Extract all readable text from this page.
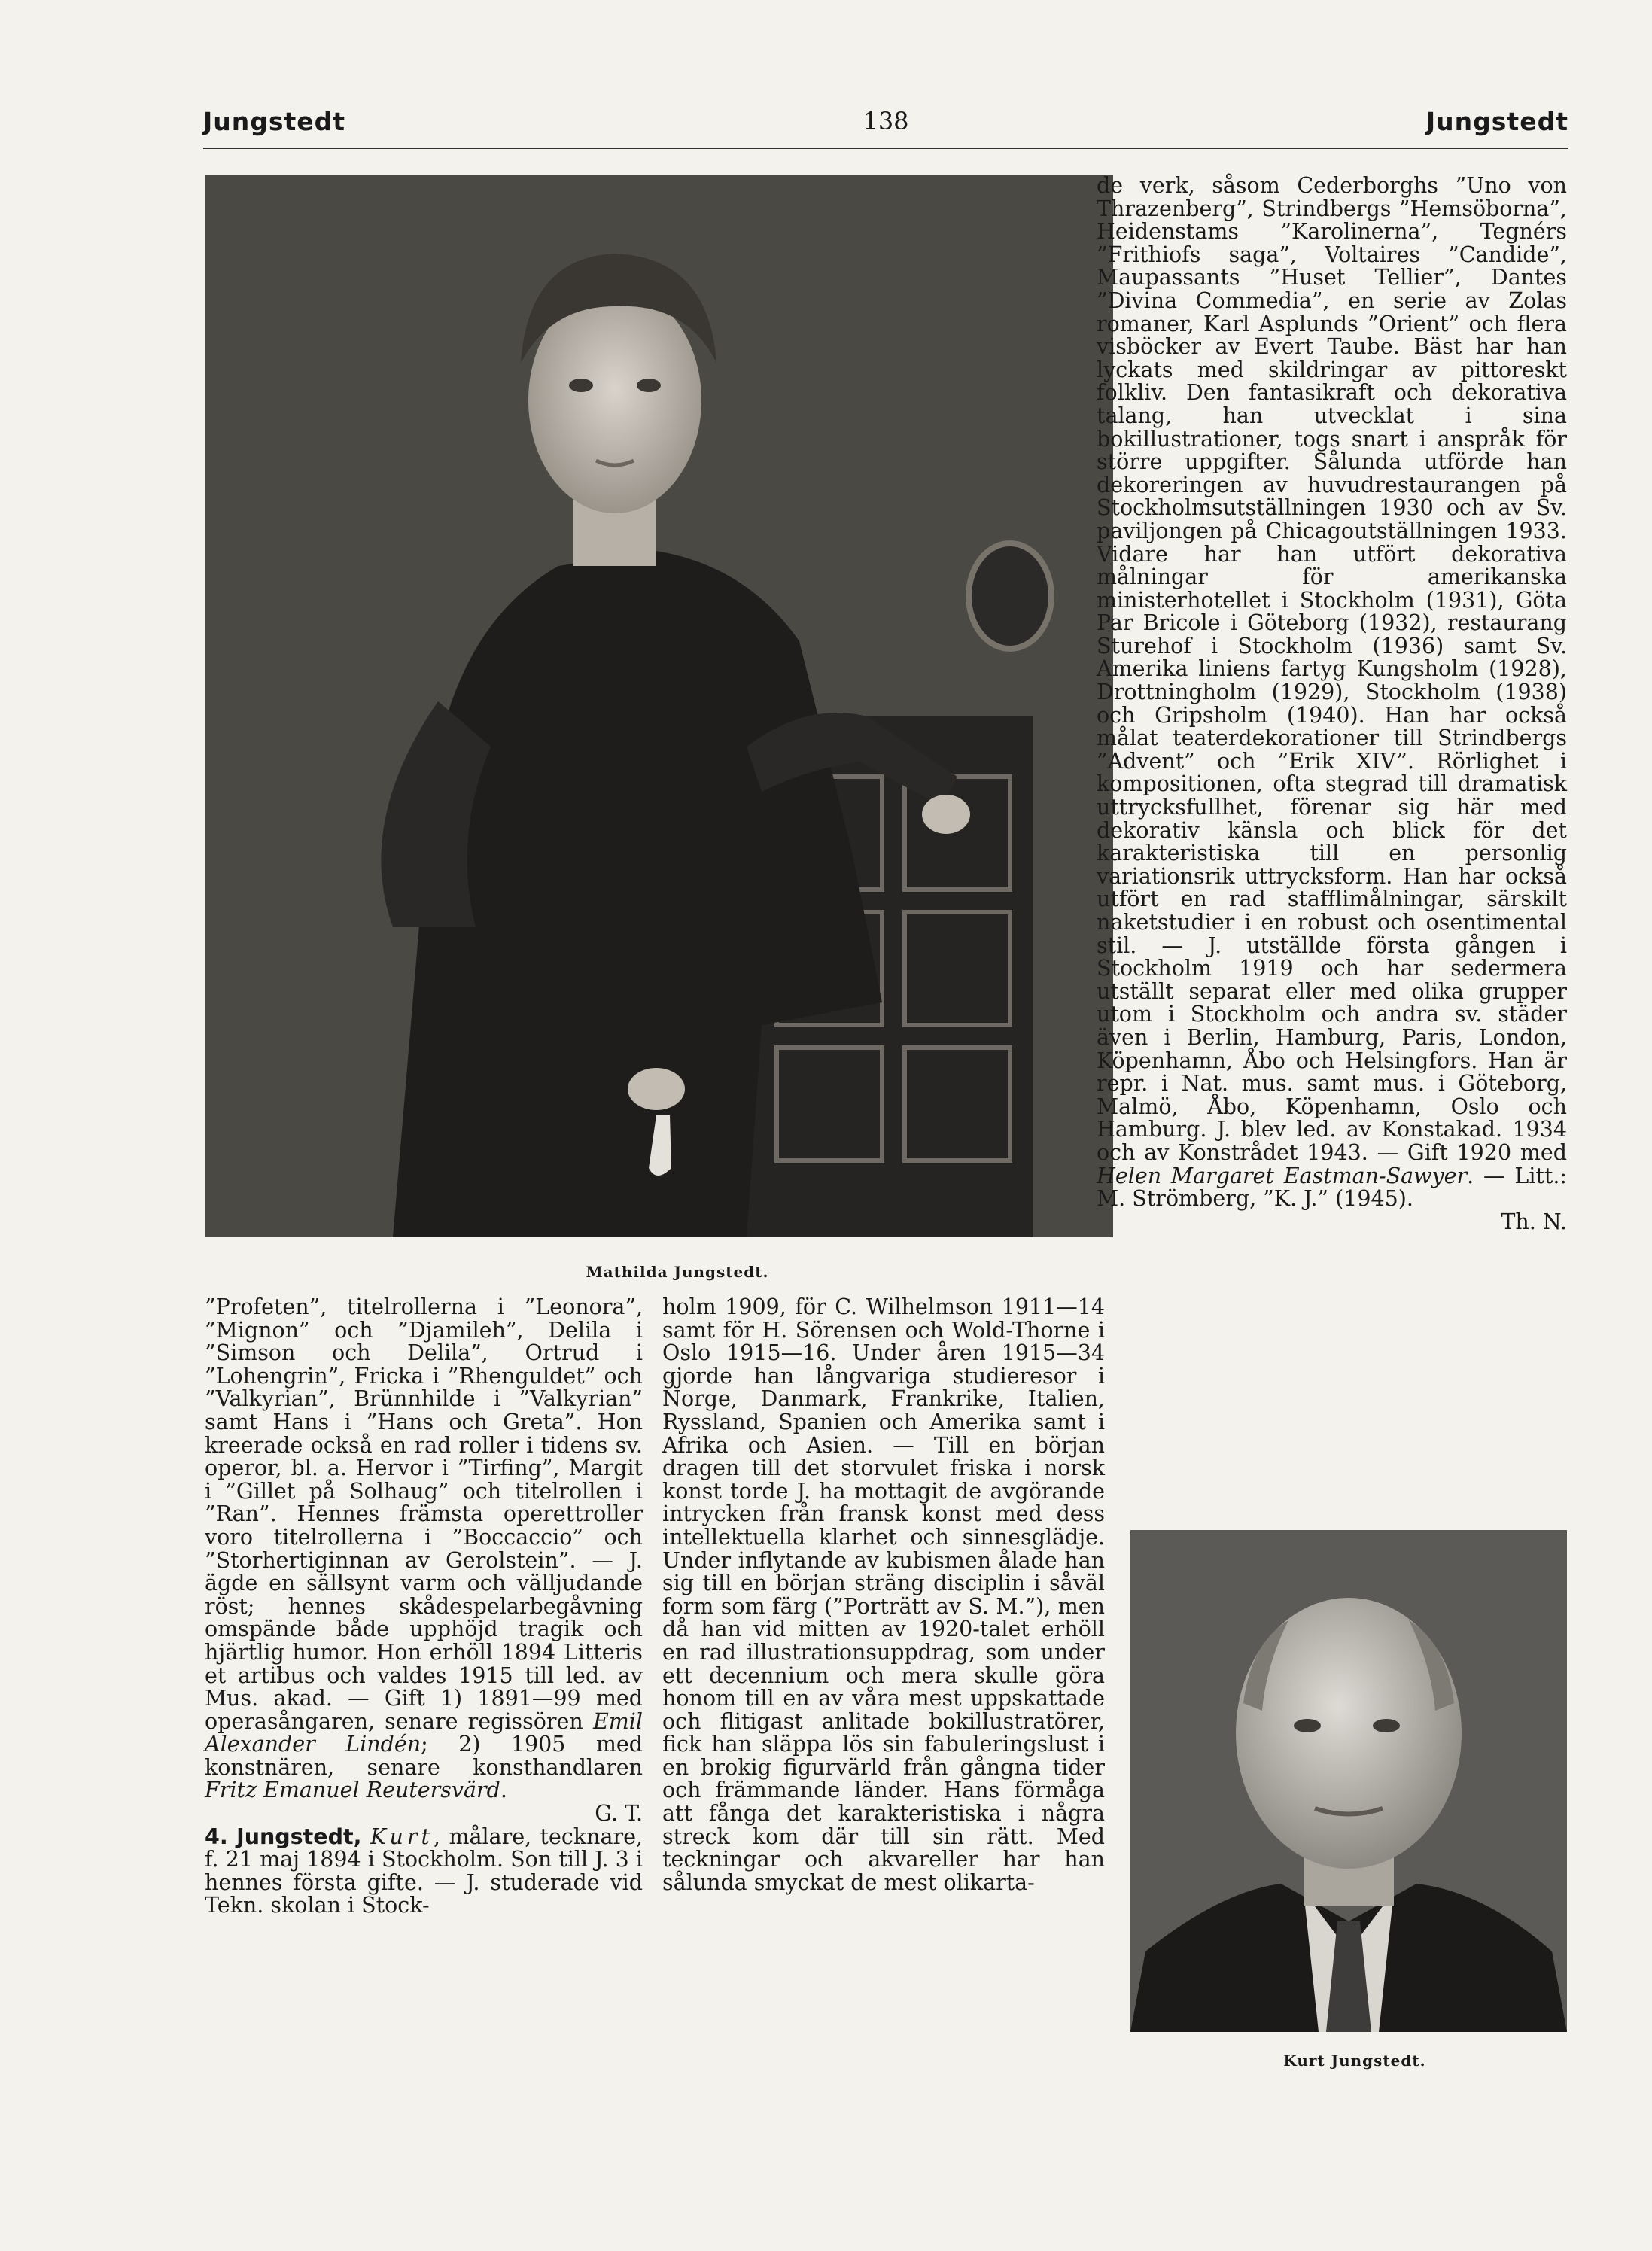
Jungstedt	138	Jungstedt
Mathilda Jungstedt.

de verk, såsom Cederborghs ”Uno von Thrazenberg”, Strindbergs ”Hemsöborna”, Heidenstams ”Karolinerna”, Tegnérs ”Frithiofs saga”, Voltaires ”Candide”, Maupassants ”Huset Tellier”, Dantes ”Divina Commedia”, en serie av Zolas romaner, Karl Asplunds ”Orient” och flera visböcker av Evert Taube. Bäst har han lyckats med skildringar av pittoreskt folkliv. Den fantasikraft och dekorativa talang, han utvecklat i sina bokillustrationer, togs snart i anspråk för större uppgifter. Sålunda utförde han dekoreringen av huvudrestaurangen på Stockholmsutställningen 1930 och av Sv. paviljongen på Chicagoutställningen 1933. Vidare har han utfört dekorativa målningar för amerikanska ministerhotellet i Stockholm (1931), Göta Par Bricole i Göteborg (1932), restaurang Sturehof i Stockholm (1936) samt Sv. Amerika liniens fartyg Kungsholm (1928), Drottningholm (1929), Stockholm (1938) och Gripsholm (1940). Han har också målat teaterdekorationer till Strindbergs ”Advent” och ”Erik XIV”. Rörlighet i kompositionen, ofta stegrad till dramatisk uttrycksfullhet, förenar sig här med dekorativ känsla och blick för det karakteristiska till en personlig variationsrik uttrycksform. Han har också utfört en rad stafflimålningar, särskilt naketstudier i en robust och osentimental stil. — J. utställde första gången i Stockholm 1919 och har sedermera utställt separat eller med olika grupper utom i Stockholm och andra sv. städer även i Berlin, Hamburg, Paris, London, Köpenhamn, Åbo och Helsingfors. Han är repr. i Nat. mus. samt mus. i Göteborg, Malmö, Åbo, Köpenhamn, Oslo och Hamburg. J. blev led. av Konstakad. 1934 och av Konstrådet 1943. — Gift 1920 med Helen Margaret Eastman-Sawyer. — Litt.: M. Strömberg, ”K. J.” (1945).

Th. N.

”Profeten”, titelrollerna i ”Leonora”, ”Mignon” och ”Djamileh”, Delila i ”Simson och Delila”, Ortrud i ”Lohengrin”, Fricka i ”Rhenguldet” och ”Valkyrian”, Brünnhilde i ”Valkyrian” samt Hans i ”Hans och Greta”. Hon kreerade också en rad roller i tidens sv. operor, bl. a. Hervor i ”Tirfing”, Margit i ”Gillet på Solhaug” och titelrollen i ”Ran”. Hennes främsta operettroller voro titelrollerna i ”Boccaccio” och ”Storhertiginnan av Gerolstein”. — J. ägde en sällsynt varm och välljudande röst; hennes skådespelarbegåvning omspände både upphöjd tragik och hjärtlig humor. Hon erhöll 1894 Litteris et artibus och valdes 1915 till led. av Mus. akad. — Gift 1) 1891—99 med operasångaren, senare regissören Emil Alexander Lindén; 2) 1905 med konstnären, senare konsthandlaren Fritz Emanuel Reutersvärd.

G. T.

4. Jungstedt, Kurt, målare, tecknare, f. 21 maj 1894 i Stockholm. Son till J. 3 i hennes första gifte. — J. studerade vid Tekn. skolan i Stock-

holm 1909, för C. Wilhelmson 1911—14 samt för H. Sörensen och Wold-Thorne i Oslo 1915—16. Under åren 1915—34 gjorde han långvariga studieresor i Norge, Danmark, Frankrike, Italien, Ryssland, Spanien och Amerika samt i Afrika och Asien. — Till en början dragen till det storvulet friska i norsk konst torde J. ha mottagit de avgörande intrycken från fransk konst med dess intellektuella klarhet och sinnesglädje. Under inflytande av kubismen ålade han sig till en början sträng disciplin i såväl form som färg (”Porträtt av S. M.”), men då han vid mitten av 1920-talet erhöll en rad illustrationsuppdrag, som under ett decennium och mera skulle göra honom till en av våra mest uppskattade och flitigast anlitade bokillustratörer, fick han släppa lös sin fabuleringslust i en brokig figurvärld från gångna tider och främmande länder. Hans förmåga att fånga det karakteristiska i några streck kom där till sin rätt. Med teckningar och akvareller har han sålunda smyckat de mest olikarta-

Kurt Jungstedt.
